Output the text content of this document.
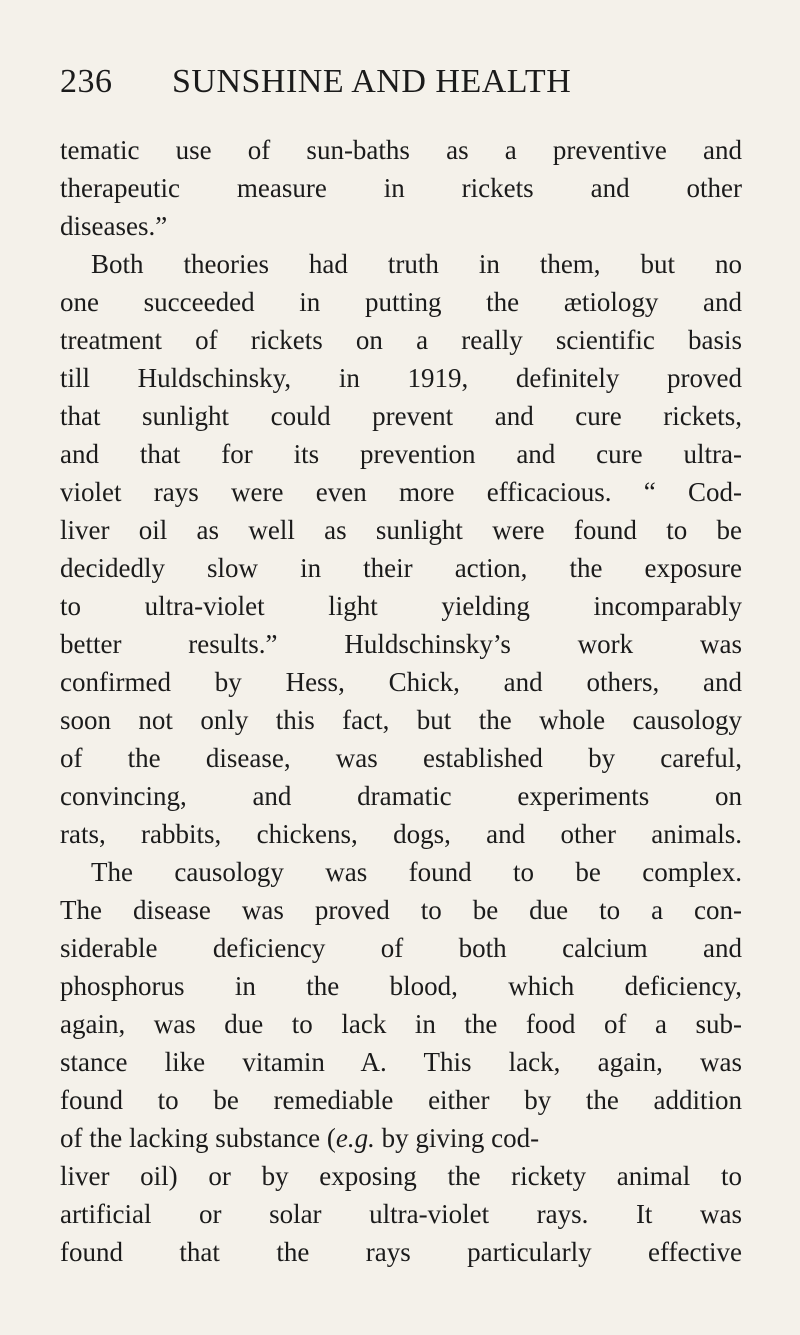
236 SUNSHINE AND HEALTH
tematic use of sun-baths as a preventive and
therapeutic measure in rickets and other
diseases.”
Both theories had truth in them, but no
one succeeded in putting the ætiology and
treatment of rickets on a really scientific basis
till Huldschinsky, in 1919, definitely proved
that sunlight could prevent and cure rickets,
and that for its prevention and cure ultra-
violet rays were even more efficacious. “ Cod-
liver oil as well as sunlight were found to be
decidedly slow in their action, the exposure
to ultra-violet light yielding incomparably
better results.” Huldschinsky’s work was
confirmed by Hess, Chick, and others, and
soon not only this fact, but the whole causology
of the disease, was established by careful,
convincing, and dramatic experiments on
rats, rabbits, chickens, dogs, and other animals.
The causology was found to be complex.
The disease was proved to be due to a con-
siderable deficiency of both calcium and
phosphorus in the blood, which deficiency,
again, was due to lack in the food of a sub-
stance like vitamin A. This lack, again, was
found to be remediable either by the addition
of the lacking substance (e.g. by giving cod-
liver oil) or by exposing the rickety animal to
artificial or solar ultra-violet rays. It was
found that the rays particularly effective
